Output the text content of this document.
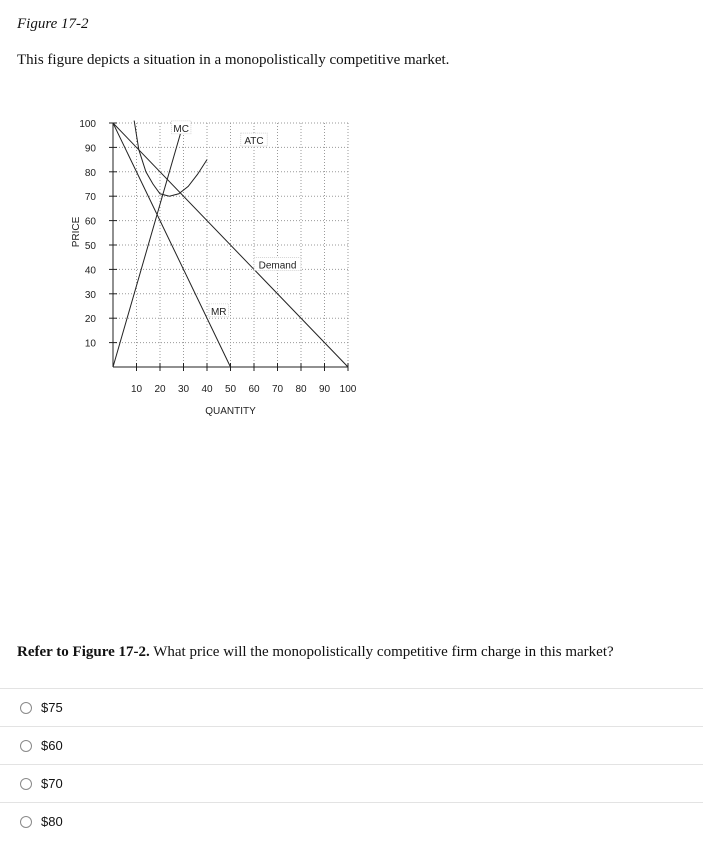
Figure 17-2
This figure depicts a situation in a monopolistically competitive market.
10
20
30
40
50
60
70
80
90
100
10 20 30 40 50 60 70 80 90 100
QUANTITY
PRICE
MC
ATC
Demand
MR
Refer to Figure 17-2. What price will the monopolistically competitive firm charge in this market?
$75
$60
$70
$80
